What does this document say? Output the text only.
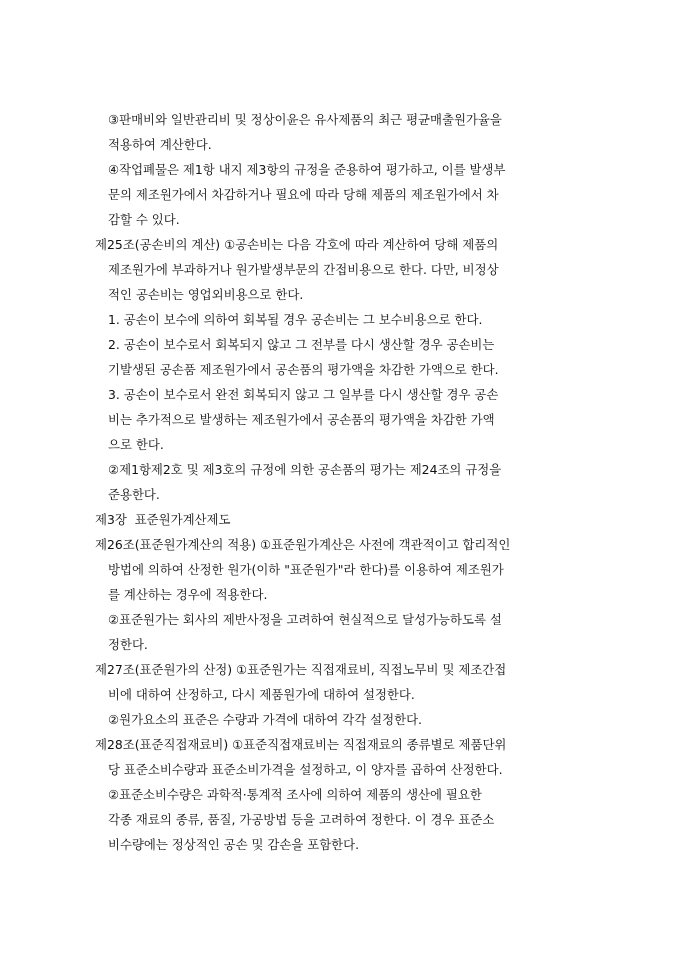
③판매비와 일반관리비 및 정상이윤은 유사제품의 최근 평균매출원가율을
적용하여 계산한다.
④작업폐물은 제1항 내지 제3항의 규정을 준용하여 평가하고, 이를 발생부
문의 제조원가에서 차감하거나 필요에 따라 당해 제품의 제조원가에서 차
감할 수 있다.
제25조(공손비의 계산) ①공손비는 다음 각호에 따라 계산하여 당해 제품의
제조원가에 부과하거나 원가발생부문의 간접비용으로 한다. 다만, 비정상
적인 공손비는 영업외비용으로 한다.
1. 공손이 보수에 의하여 회복될 경우 공손비는 그 보수비용으로 한다.
2. 공손이 보수로서 회복되지 않고 그 전부를 다시 생산할 경우 공손비는
기발생된 공손품 제조원가에서 공손품의 평가액을 차감한 가액으로 한다.
3. 공손이 보수로서 완전 회복되지 않고 그 일부를 다시 생산할 경우 공손
비는 추가적으로 발생하는 제조원가에서 공손품의 평가액을 차감한 가액
으로 한다.
②제1항제2호 및 제3호의 규정에 의한 공손품의 평가는 제24조의 규정을
준용한다.
제3장  표준원가계산제도
제26조(표준원가계산의 적용) ①표준원가계산은 사전에 객관적이고 합리적인
방법에 의하여 산정한 원가(이하 "표준원가"라 한다)를 이용하여 제조원가
를 계산하는 경우에 적용한다.
②표준원가는 회사의 제반사정을 고려하여 현실적으로 달성가능하도록 설
정한다.
제27조(표준원가의 산정) ①표준원가는 직접재료비, 직접노무비 및 제조간접
비에 대하여 산정하고, 다시 제품원가에 대하여 설정한다.
②원가요소의 표준은 수량과 가격에 대하여 각각 설정한다.
제28조(표준직접재료비) ①표준직접재료비는 직접재료의 종류별로 제품단위
당 표준소비수량과 표준소비가격을 설정하고, 이 양자를 곱하여 산정한다.
②표준소비수량은 과학적·통계적 조사에 의하여 제품의 생산에 필요한
각종 재료의 종류, 품질, 가공방법 등을 고려하여 정한다. 이 경우 표준소
비수량에는 정상적인 공손 및 감손을 포함한다.
